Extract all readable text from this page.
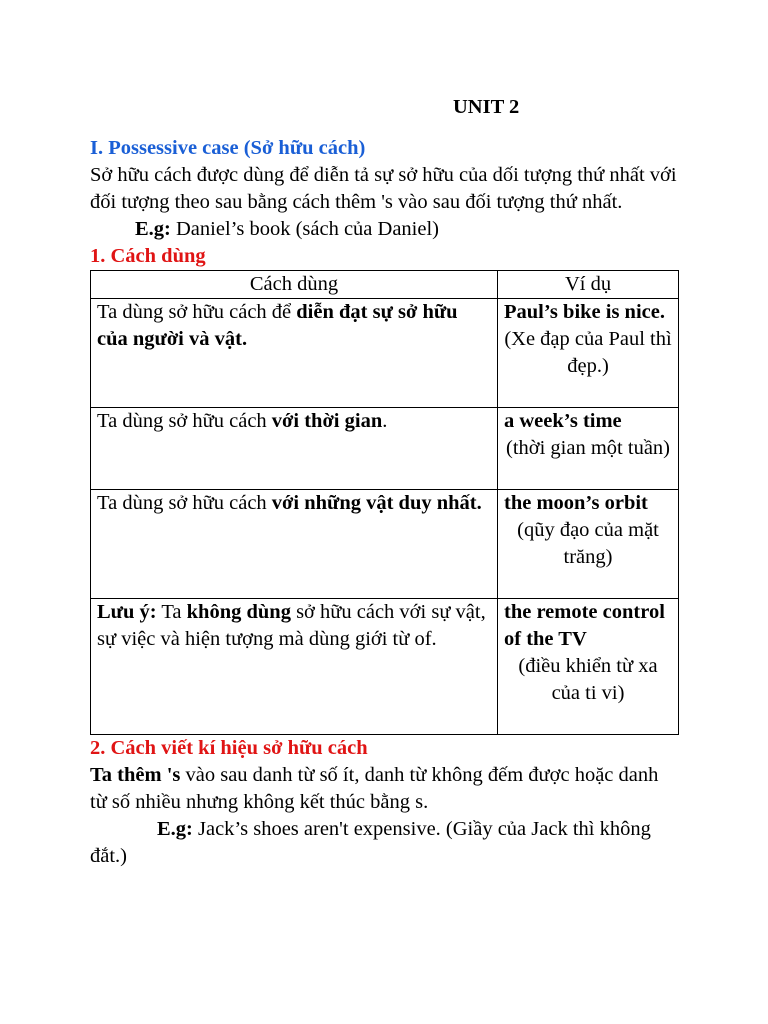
UNIT 2
I. Possessive case (Sở hữu cách)

Sở hữu cách được dùng để diễn tả sự sở hữu của dối tượng thứ nhất với đối tượng theo sau bằng cách thêm 's vào sau đối tượng thứ nhất.

E.g: Daniel’s book (sách của Daniel)

1. Cách dùng
Cách dùng	Ví dụ
Ta dùng sở hữu cách để diễn đạt sự sở hữu của người và vật.	Paul’s bike is nice.
(Xe đạp của Paul thì đẹp.)

Ta dùng sở hữu cách với thời gian.	a week’s time
(thời gian một tuần)

Ta dùng sở hữu cách với những vật duy nhất.	the moon’s orbit
(qũy đạo của mặt trăng)

Lưu ý: Ta không dùng sở hữu cách với sự vật, sự việc và hiện tượng mà dùng giới từ of.	the remote control of the TV
(điều khiển từ xa của ti vi)
2. Cách viết kí hiệu sở hữu cách

Ta thêm 's vào sau danh từ số ít, danh từ không đếm được hoặc danh từ số nhiều nhưng không kết thúc bằng s.

E.g: Jack’s shoes aren't expensive. (Giầy của Jack thì không đắt.)
